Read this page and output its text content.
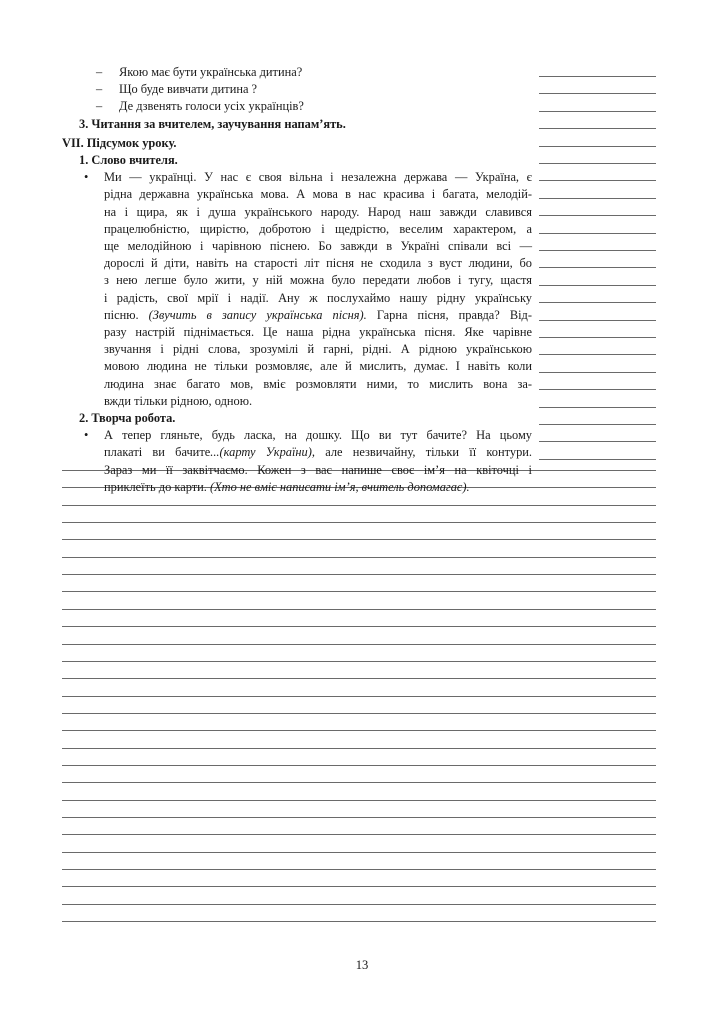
– Якою має бути українська дитина?
– Що буде вивчати дитина ?
– Де дзвенять голоси усіх українців?
3. Читання за вчителем, заучування напам’ять.
VII. Підсумок уроку.
1. Слово вчителя.
• Ми — українці. У нас є своя вільна і незалежна держава — Україна, є
рідна державна українська мова. А мова в нас красива і багата, мелодій-
на і щира, як і душа українського народу. Народ наш завжди славився
працелюбністю, щирістю, добротою і щедрістю, веселим характером, а
ще мелодійною і чарівною піснею. Бо завжди в Україні співали всі —
дорослі й діти, навіть на старості літ пісня не сходила з вуст людини, бо
з нею легше було жити, у ній можна було передати любов і тугу, щастя
і радість, свої мрії і надії. Ану ж послухаймо нашу рідну українську
пісню. (Звучить в запису українська пісня). Гарна пісня, правда? Від-
разу настрій піднімається. Це наша рідна українська пісня. Яке чарівне
звучання і рідні слова, зрозумілі й гарні, рідні. А рідною українською
мовою людина не тільки розмовляє, але й мислить, думає. І навіть коли
людина знає багато мов, вміє розмовляти ними, то мислить вона за-
вжди тільки рідною, одною.
2. Творча робота.
• А тепер гляньте, будь ласка, на дошку. Що ви тут бачите? На цьому
плакаті ви бачите...(карту України), але незвичайну, тільки її контури.
Зараз ми її заквітчаємо. Кожен з вас напише своє ім’я на квіточці і
приклеїть до карти. (Хто не вміє написати ім’я, вчитель допомагає).
13
